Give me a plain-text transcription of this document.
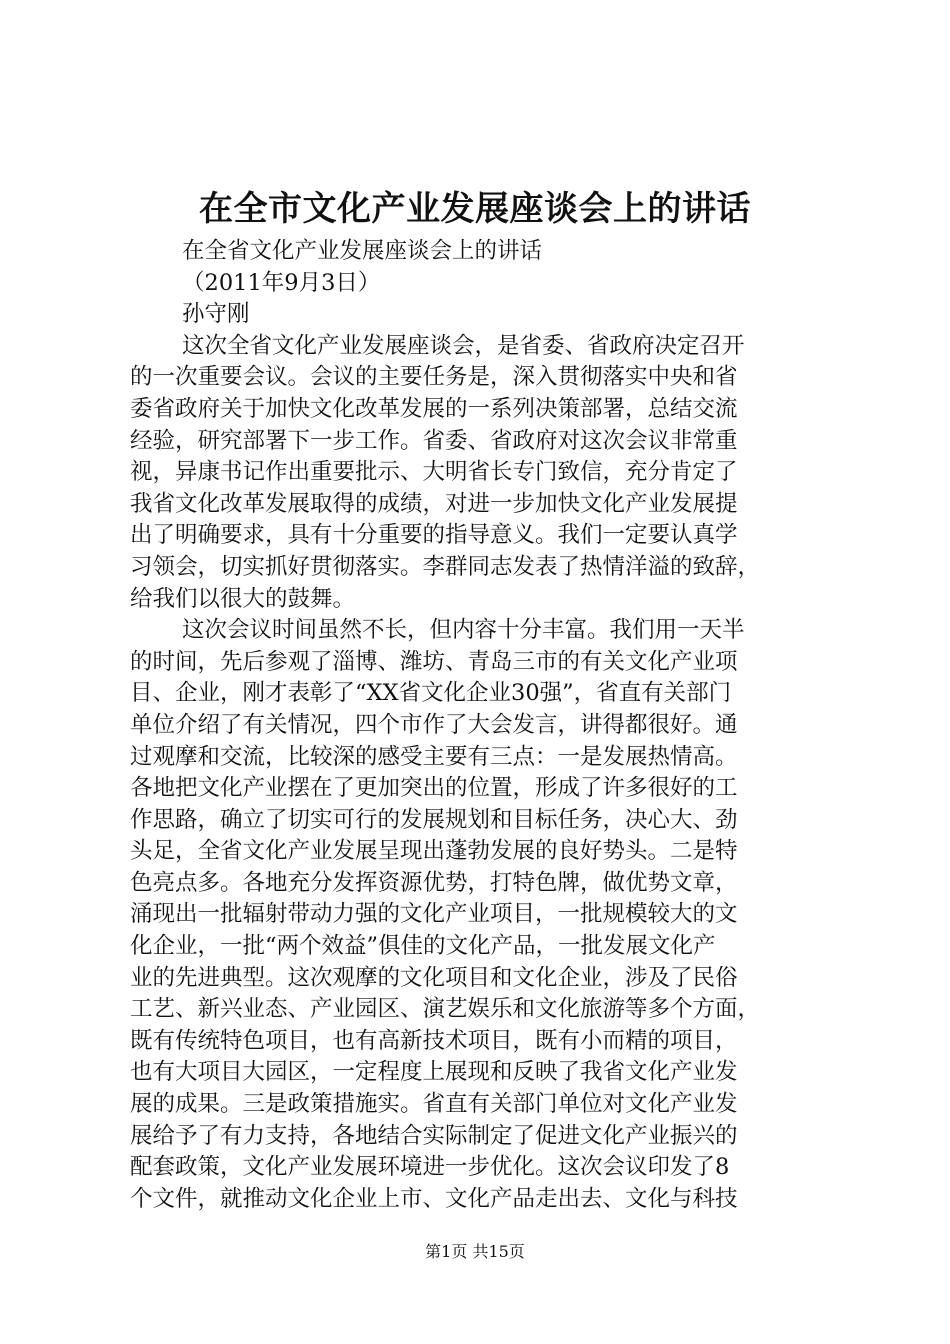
在全市文化产业发展座谈会上的讲话
在全省文化产业发展座谈会上的讲话
（2011年9月3日）
孙守刚
这次全省文化产业发展座谈会，是省委、省政府决定召开
的一次重要会议。会议的主要任务是，深入贯彻落实中央和省
委省政府关于加快文化改革发展的一系列决策部署，总结交流
经验，研究部署下一步工作。省委、省政府对这次会议非常重
视，异康书记作出重要批示、大明省长专门致信，充分肯定了
我省文化改革发展取得的成绩，对进一步加快文化产业发展提
出了明确要求，具有十分重要的指导意义。我们一定要认真学
习领会，切实抓好贯彻落实。李群同志发表了热情洋溢的致辞，
给我们以很大的鼓舞。
这次会议时间虽然不长，但内容十分丰富。我们用一天半
的时间，先后参观了淄博、潍坊、青岛三市的有关文化产业项
目、企业，刚才表彰了“XX省文化企业30强”，省直有关部门
单位介绍了有关情况，四个市作了大会发言，讲得都很好。通
过观摩和交流，比较深的感受主要有三点：一是发展热情高。
各地把文化产业摆在了更加突出的位置，形成了许多很好的工
作思路，确立了切实可行的发展规划和目标任务，决心大、劲
头足，全省文化产业发展呈现出蓬勃发展的良好势头。二是特
色亮点多。各地充分发挥资源优势，打特色牌，做优势文章，
涌现出一批辐射带动力强的文化产业项目，一批规模较大的文
化企业，一批“两个效益”俱佳的文化产品，一批发展文化产
业的先进典型。这次观摩的文化项目和文化企业，涉及了民俗
工艺、新兴业态、产业园区、演艺娱乐和文化旅游等多个方面，
既有传统特色项目，也有高新技术项目，既有小而精的项目，
也有大项目大园区，一定程度上展现和反映了我省文化产业发
展的成果。三是政策措施实。省直有关部门单位对文化产业发
展给予了有力支持，各地结合实际制定了促进文化产业振兴的
配套政策，文化产业发展环境进一步优化。这次会议印发了8
个文件，就推动文化企业上市、文化产品走出去、文化与科技
第1页 共15页
